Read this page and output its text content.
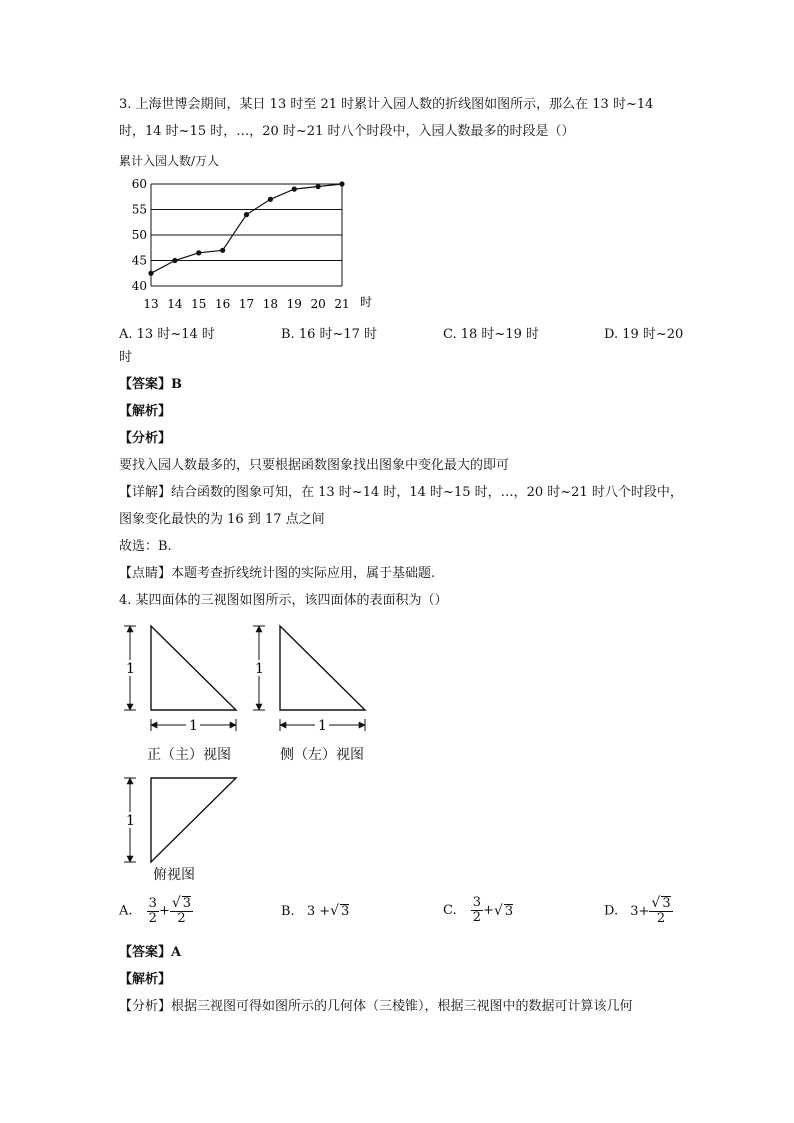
3. 上海世博会期间，某日 13 时至 21 时累计入园人数的折线图如图所示，那么在 13 时~14
时，14 时~15 时，…，20 时~21 时八个时段中，入园人数最多的时段是（）
累计入园人数/万人
13 14 15 16 17 18 19 20 21
40
45
50
55
60
时
A. 13 时~14 时	B. 16 时~17 时	C. 18 时~19 时	D. 19 时~20
时
【答案】B
【解析】
【分析】
要找入园人数最多的，只要根据函数图象找出图象中变化最大的即可
【详解】结合函数的图象可知，在 13 时~14 时，14 时~15 时，…，20 时~21 时八个时段中，
图象变化最快的为 16 到 17 点之间
故选：B.
【点睛】本题考查折线统计图的实际应用，属于基础题.
4. 某四面体的三视图如图所示，该四面体的表面积为（）
1
1
正（主）视图
1
1
侧（左）视图
1
俯视图
A. $\frac{3}{2} + \frac{√ 3}{2}$	B. 3 +√ 3	C. $\frac{3}{2}$ +√ 3	D. $3+ \frac{√ 3}{2}$
【答案】A
【解析】
【分析】根据三视图可得如图所示的几何体（三棱锥），根据三视图中的数据可计算该几何
